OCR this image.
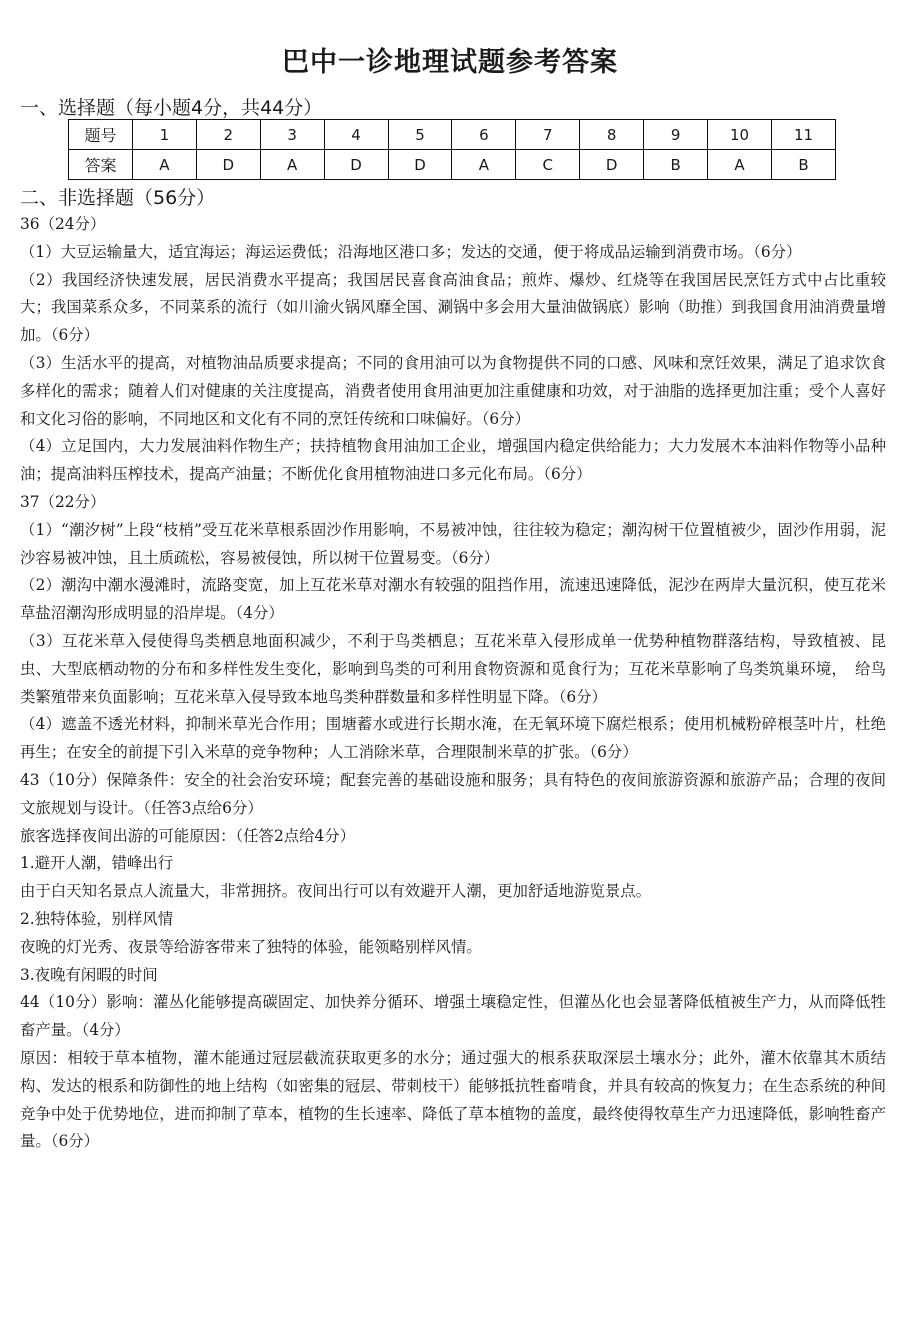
巴中一诊地理试题参考答案
一、选择题（每小题4分，共44分）
题号	1	2	3	4	5	6	7	8	9	10	11
答案	A	D	A	D	D	A	C	D	B	A	B
二、非选择题（56分）

36（24分）

（1）大豆运输量大，适宜海运；海运运费低；沿海地区港口多；发达的交通，便于将成品运输到消费市场。（6分）

（2）我国经济快速发展，居民消费水平提高；我国居民喜食高油食品；煎炸、爆炒、红烧等在我国居民烹饪方式中占比重较大；我国菜系众多，不同菜系的流行（如川渝火锅风靡全国、涮锅中多会用大量油做锅底）影响（助推）到我国食用油消费量增加。（6分）

（3）生活水平的提高，对植物油品质要求提高；不同的食用油可以为食物提供不同的口感、风味和烹饪效果，满足了追求饮食多样化的需求；随着人们对健康的关注度提高，消费者使用食用油更加注重健康和功效，对于油脂的选择更加注重；受个人喜好和文化习俗的影响，不同地区和文化有不同的烹饪传统和口味偏好。（6分）

（4）立足国内，大力发展油料作物生产；扶持植物食用油加工企业，增强国内稳定供给能力；大力发展木本油料作物等小品种油；提高油料压榨技术，提高产油量；不断优化食用植物油进口多元化布局。（6分）

37（22分）

（1）“潮汐树”上段“枝梢”受互花米草根系固沙作用影响，不易被冲蚀，往往较为稳定；潮沟树干位置植被少，固沙作用弱，泥沙容易被冲蚀，且土质疏松，容易被侵蚀，所以树干位置易变。（6分）

（2）潮沟中潮水漫滩时，流路变宽，加上互花米草对潮水有较强的阻挡作用，流速迅速降低，泥沙在两岸大量沉积，使互花米草盐沼潮沟形成明显的沿岸堤。（4分）

（3）互花米草入侵使得鸟类栖息地面积减少，不利于鸟类栖息；互花米草入侵形成单一优势种植物群落结构，导致植被、昆虫、大型底栖动物的分布和多样性发生变化，影响到鸟类的可利用食物资源和觅食行为；互花米草影响了鸟类筑巢环境，　给鸟类繁殖带来负面影响；互花米草入侵导致本地鸟类种群数量和多样性明显下降。（6分）

（4）遮盖不透光材料，抑制米草光合作用；围塘蓄水或进行长期水淹，在无氧环境下腐烂根系；使用机械粉碎根茎叶片，杜绝再生；在安全的前提下引入米草的竞争物种；人工消除米草，合理限制米草的扩张。（6分）

43（10分）保障条件：安全的社会治安环境；配套完善的基础设施和服务；具有特色的夜间旅游资源和旅游产品；合理的夜间文旅规划与设计。（任答3点给6分）

旅客选择夜间出游的可能原因：（任答2点给4分）

1.避开人潮，错峰出行

由于白天知名景点人流量大，非常拥挤。夜间出行可以有效避开人潮，更加舒适地游览景点。

2.独特体验，别样风情

夜晚的灯光秀、夜景等给游客带来了独特的体验，能领略别样风情。

3.夜晚有闲暇的时间

44（10分）影响：灌丛化能够提高碳固定、加快养分循环、增强土壤稳定性，但灌丛化也会显著降低植被生产力，从而降低牲畜产量。（4分）

原因：相较于草本植物，灌木能通过冠层截流获取更多的水分；通过强大的根系获取深层土壤水分；此外，灌木依靠其木质结构、发达的根系和防御性的地上结构（如密集的冠层、带刺枝干）能够抵抗牲畜啃食，并具有较高的恢复力；在生态系统的种间竞争中处于优势地位，进而抑制了草本，植物的生长速率、降低了草本植物的盖度，最终使得牧草生产力迅速降低，影响牲畜产量。（6分）
